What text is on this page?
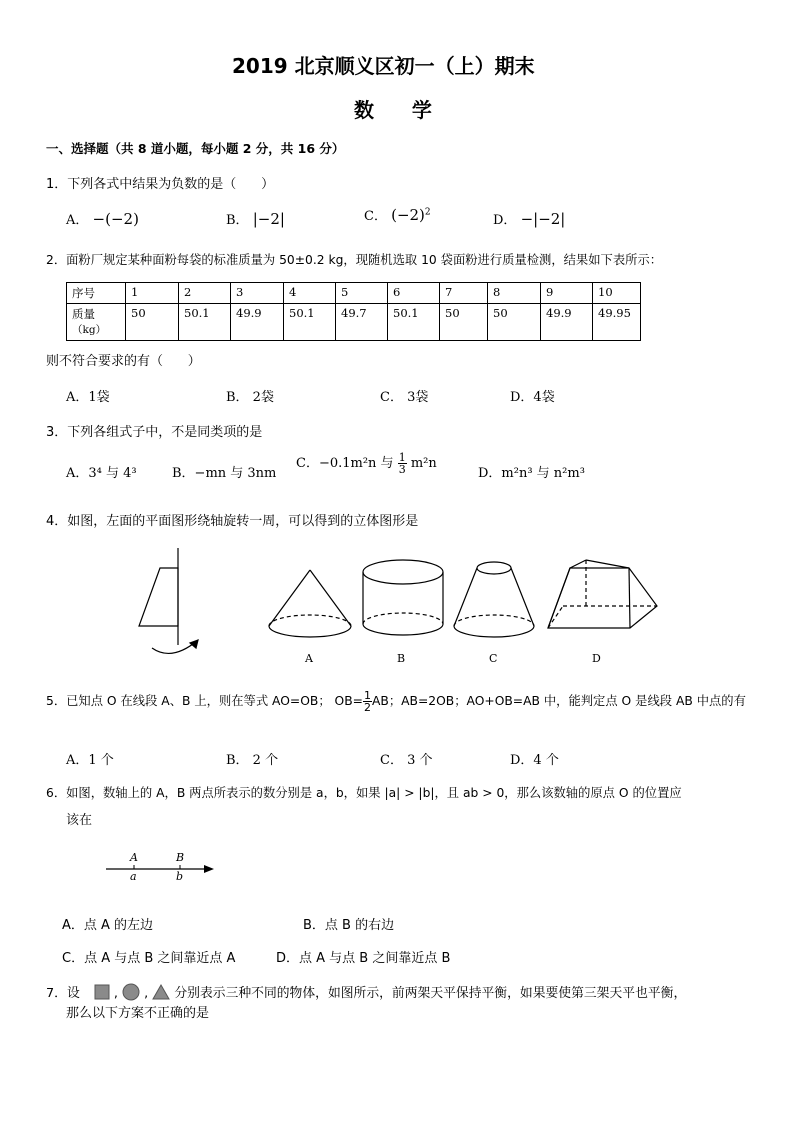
2019 北京顺义区初一（上）期末
数    学
一、选择题（共 8 道小题，每小题 2 分，共 16 分）
1．下列各式中结果为负数的是（      ）
A． −(−2)	B． |−2|	C． $(-2)^2$
D． −|−2|
2．面粉厂规定某种面粉每袋的标准质量为 50±0.2 kg，现随机选取 10 袋面粉进行质量检测，结果如下表所示：
序号	1	2	3	4	5	6	7	8	9	10

质量
（kg）	50	50.1	49.9	50.1	49.7	50.1	50	50	49.9	49.95
则不符合要求的有（      ）
A．1袋	B． 2袋	C． 3袋	D．4袋
3．下列各组式子中，不是同类项的是
A．3⁴ 与 4³	B．−mn 与 3nm
C．−0.1m²n 与 $\frac{1}{3} m^2n$
D．m²n³ 与 n²m³
4．如图，左面的平面图形绕轴旋转一周，可以得到的立体图形是
A	B	C	D
5．已知点 O 在线段 A、B 上，则在等式 AO=OB； $OB= \frac{1}{2}$ AB；AB=2OB；AO+OB=AB 中，能判定点 O 是线段 AB 中点的有
A．1 个	B． 2 个	C． 3 个	D．4 个
6．如图，数轴上的 A，B 两点所表示的数分别是 a，b，如果 |a| > |b|，且 ab > 0，那么该数轴的原点 O 的位置应
该在
A
a
B
b
A．点 A 的左边	B．点 B 的右边
C．点 A 与点 B 之间靠近点 A	D．点 A 与点 B 之间靠近点 B
7．设	, , 分别表示三种不同的物体，如图所示，前两架天平保持平衡，如果要使第三架天平也平衡，
那么以下方案不正确的是
